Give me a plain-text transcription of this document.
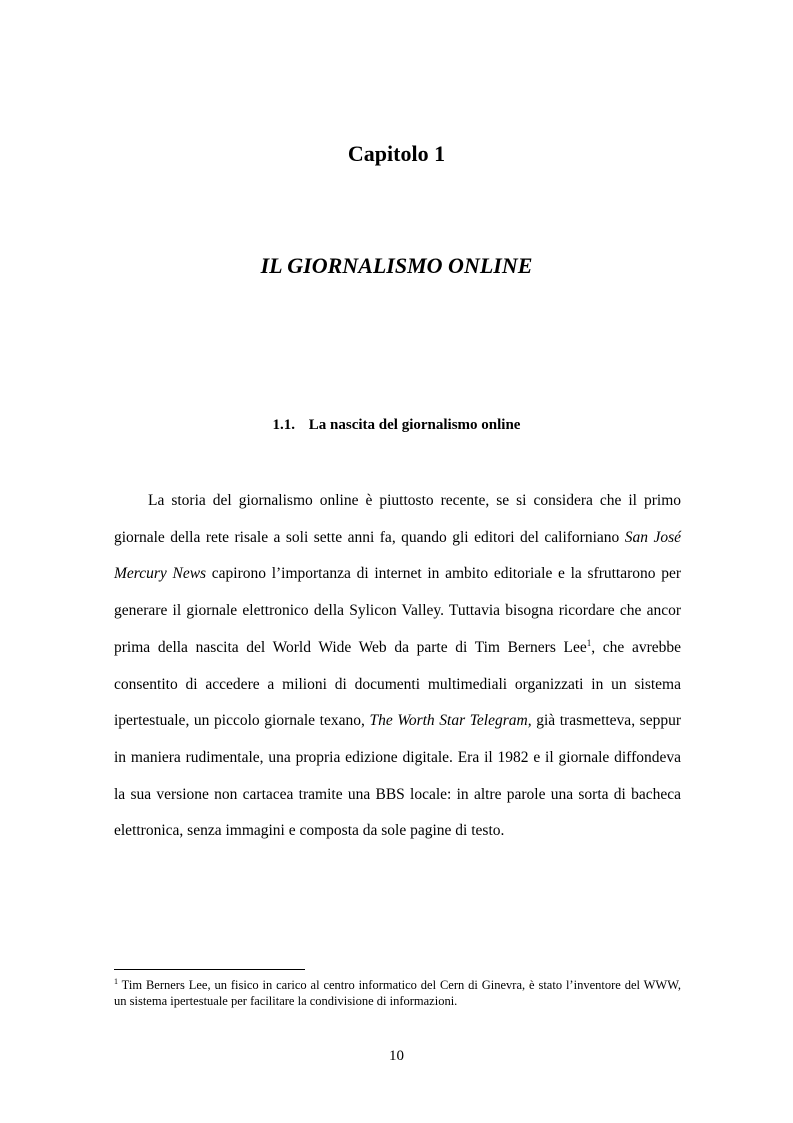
Capitolo 1
IL GIORNALISMO ONLINE
1.1. La nascita del giornalismo online

La storia del giornalismo online è piuttosto recente, se si considera che il primo giornale della rete risale a soli sette anni fa, quando gli editori del californiano San José Mercury News capirono l’importanza di internet in ambito editoriale e la sfruttarono per generare il giornale elettronico della Sylicon Valley. Tuttavia bisogna ricordare che ancor prima della nascita del World Wide Web da parte di Tim Berners Lee$^1$, che avrebbe consentito di accedere a milioni di documenti multimediali organizzati in un sistema ipertestuale, un piccolo giornale texano, The Worth Star Telegram, già trasmetteva, seppur in maniera rudimentale, una propria edizione digitale. Era il 1982 e il giornale diffondeva la sua versione non cartacea tramite una BBS locale: in altre parole una sorta di bacheca elettronica, senza immagini e composta da sole pagine di testo.

$^1$ Tim Berners Lee, un fisico in carico al centro informatico del Cern di Ginevra, è stato l’inventore del WWW, un sistema ipertestuale per facilitare la condivisione di informazioni.

10
